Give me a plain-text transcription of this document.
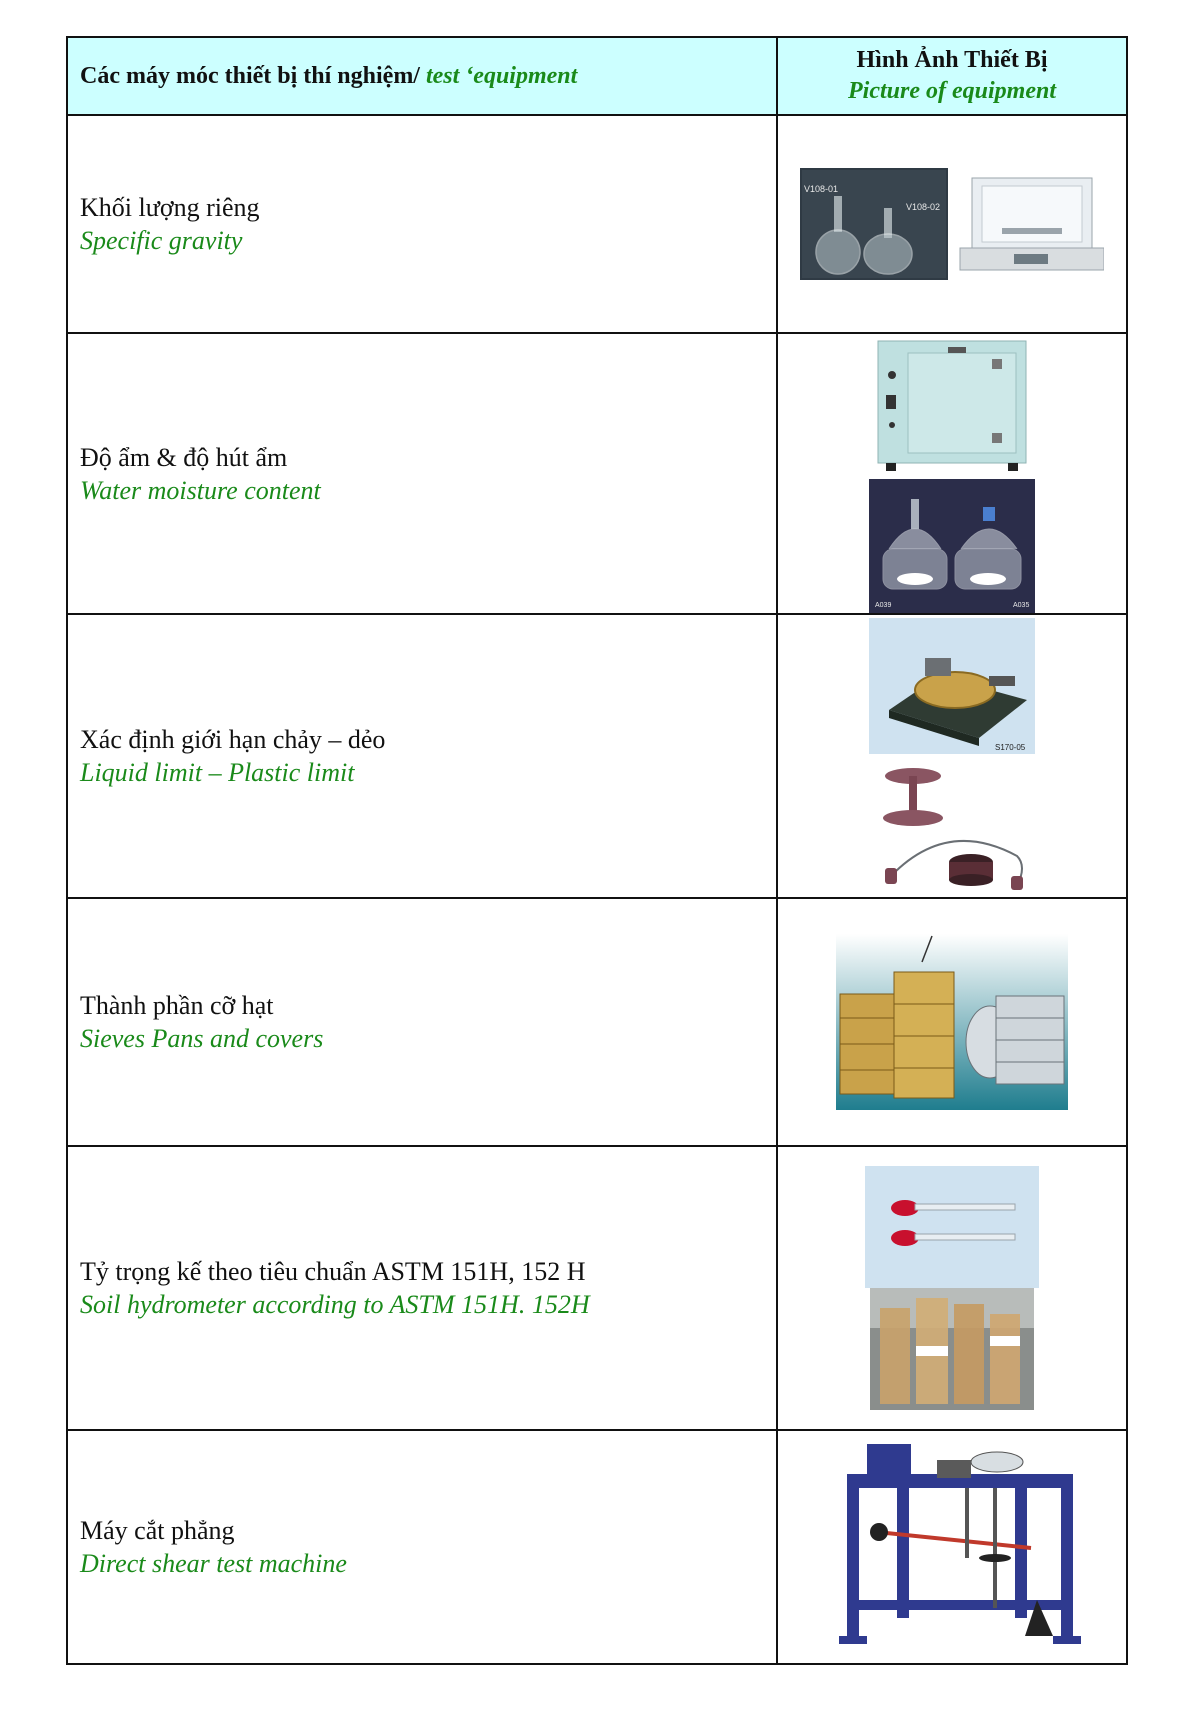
Các máy móc thiết bị thí nghiệm/ test ‘equipment
Hình Ảnh Thiết Bị
Picture of equipment
Khối lượng riêng
Specific gravity
V108-01
V108-02
Độ ẩm & độ hút ẩm
Water moisture content
A039	A035
Xác định giới hạn chảy – dẻo
Liquid limit – Plastic limit
S170-05
Thành phần cỡ hạt
Sieves Pans and covers
Tỷ trọng kế theo tiêu chuẩn ASTM 151H, 152 H
Soil hydrometer according to ASTM 151H. 152H
Máy cắt phẳng
Direct shear test machine
